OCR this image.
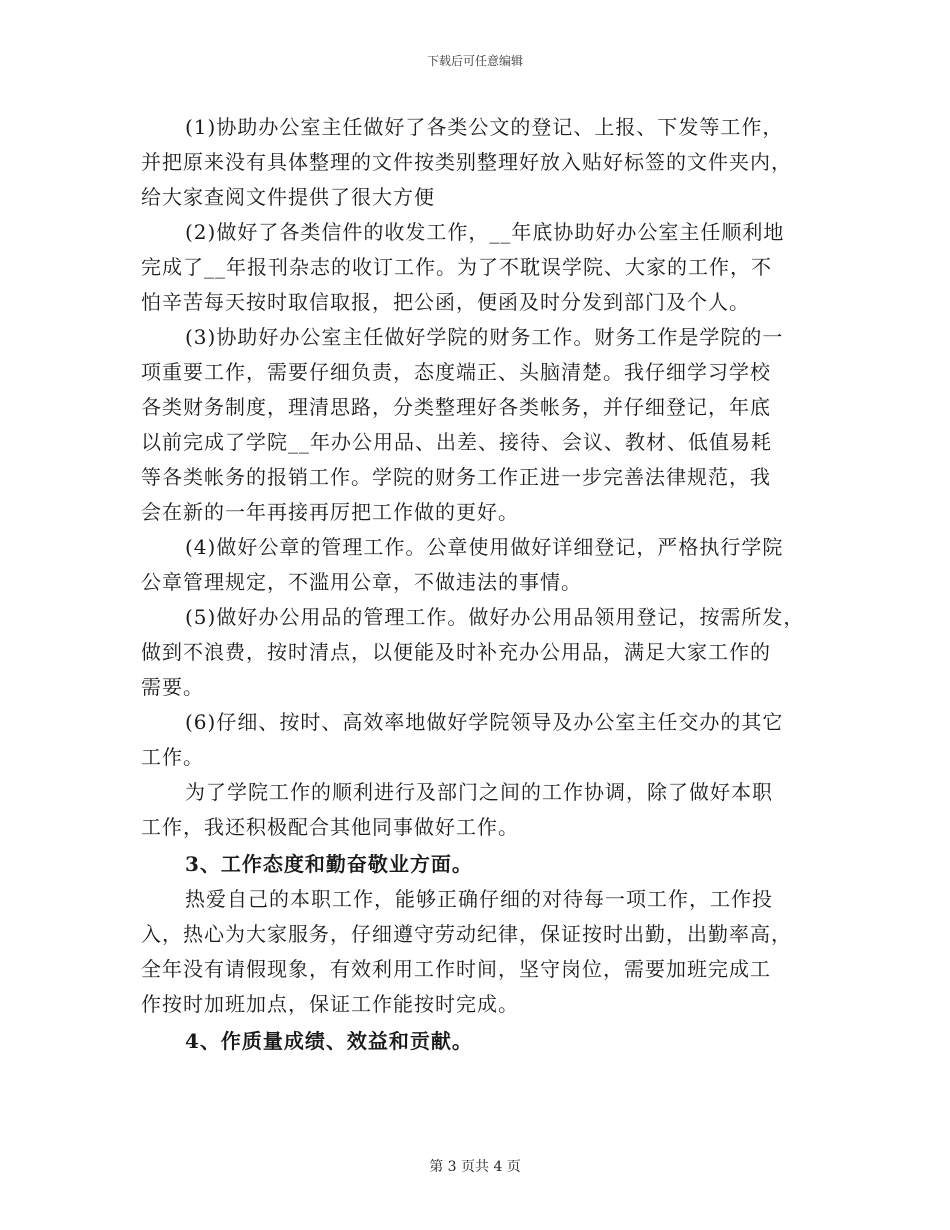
下载后可任意编辑

(1)协助办公室主任做好了各类公文的登记、上报、下发等工作，
并把原来没有具体整理的文件按类别整理好放入贴好标签的文件夹内，
给大家查阅文件提供了很大方便

(2)做好了各类信件的收发工作，__年底协助好办公室主任顺利地
完成了__年报刊杂志的收订工作。为了不耽误学院、大家的工作，不
怕辛苦每天按时取信取报，把公函，便函及时分发到部门及个人。

(3)协助好办公室主任做好学院的财务工作。财务工作是学院的一
项重要工作，需要仔细负责，态度端正、头脑清楚。我仔细学习学校
各类财务制度，理清思路，分类整理好各类帐务，并仔细登记，年底
以前完成了学院__年办公用品、出差、接待、会议、教材、低值易耗
等各类帐务的报销工作。学院的财务工作正进一步完善法律规范，我
会在新的一年再接再厉把工作做的更好。

(4)做好公章的管理工作。公章使用做好详细登记，严格执行学院
公章管理规定，不滥用公章，不做违法的事情。

(5)做好办公用品的管理工作。做好办公用品领用登记，按需所发，
做到不浪费，按时清点，以便能及时补充办公用品，满足大家工作的
需要。

(6)仔细、按时、高效率地做好学院领导及办公室主任交办的其它
工作。

为了学院工作的顺利进行及部门之间的工作协调，除了做好本职
工作，我还积极配合其他同事做好工作。

3、工作态度和勤奋敬业方面。

热爱自己的本职工作，能够正确仔细的对待每一项工作，工作投
入，热心为大家服务，仔细遵守劳动纪律，保证按时出勤，出勤率高，
全年没有请假现象，有效利用工作时间，坚守岗位，需要加班完成工
作按时加班加点，保证工作能按时完成。

4、作质量成绩、效益和贡献。

第 3 页共 4 页
